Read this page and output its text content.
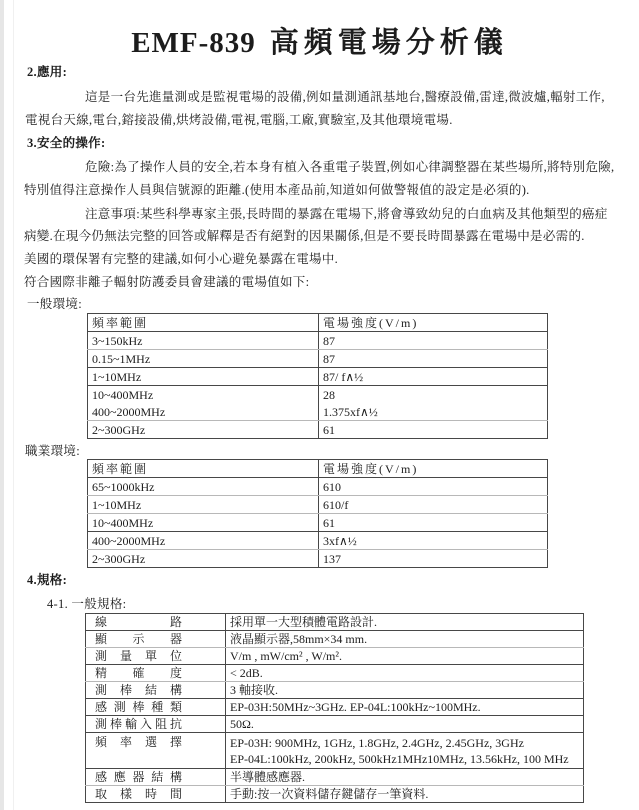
EMF-839 高頻電場分析儀
2.應用:
這是一台先進量測或是監視電場的設備,例如量測通訊基地台,醫療設備,雷達,微波爐,輻射工作,
電視台天線,電台,鎔接設備,烘烤設備,電視,電腦,工廠,實驗室,及其他環境電場.
3.安全的操作:
危險:為了操作人員的安全,若本身有植入各重電子裝置,例如心律調整器在某些場所,將特別危險,
特別值得注意操作人員與信號源的距離.(使用本產品前,知道如何做警報值的設定是必須的).
注意事項:某些科學專家主張,長時間的暴露在電場下,將會導致幼兒的白血病及其他類型的癌症
病變.在現今仍無法完整的回答或解釋是否有絕對的因果關係,但是不要長時間暴露在電場中是必需的.
美國的環保署有完整的建議,如何小心避免暴露在電場中.
符合國際非離子輻射防護委員會建議的電場值如下:
一般環境:
頻率範圍	電場強度(V/m)
3~150kHz	87
0.15~1MHz	87
1~10MHz	87/ f∧½
10~400MHz	28
400~2000MHz	1.375xf∧½
2~300GHz	61
職業環境:
頻率範圍	電場強度(V/m)
65~1000kHz	610
1~10MHz	610/f
10~400MHz	61
400~2000MHz	3xf∧½
2~300GHz	137
4.規格:
4-1. 一般規格:
線路	採用單一大型積體電路設計.

顯示器	液晶顯示器,58mm×34 mm.

測量單位	V/m , mW/cm² , W/m².

精確度	< 2dB.

測棒結構	3 軸接收.

感測棒種類	EP-03H:50MHz~3GHz. EP-04L:100kHz~100MHz.

測棒輸入阻抗	50Ω.

頻率選擇	EP-03H: 900MHz, 1GHz, 1.8GHz, 2.4GHz, 2.45GHz, 3GHz
EP-04L:100kHz, 200kHz, 500kHz1MHz10MHz, 13.56kHz, 100 MHz

感應器結構	半導體感應器.

取樣時間	手動:按一次資料儲存鍵儲存一筆資料.
